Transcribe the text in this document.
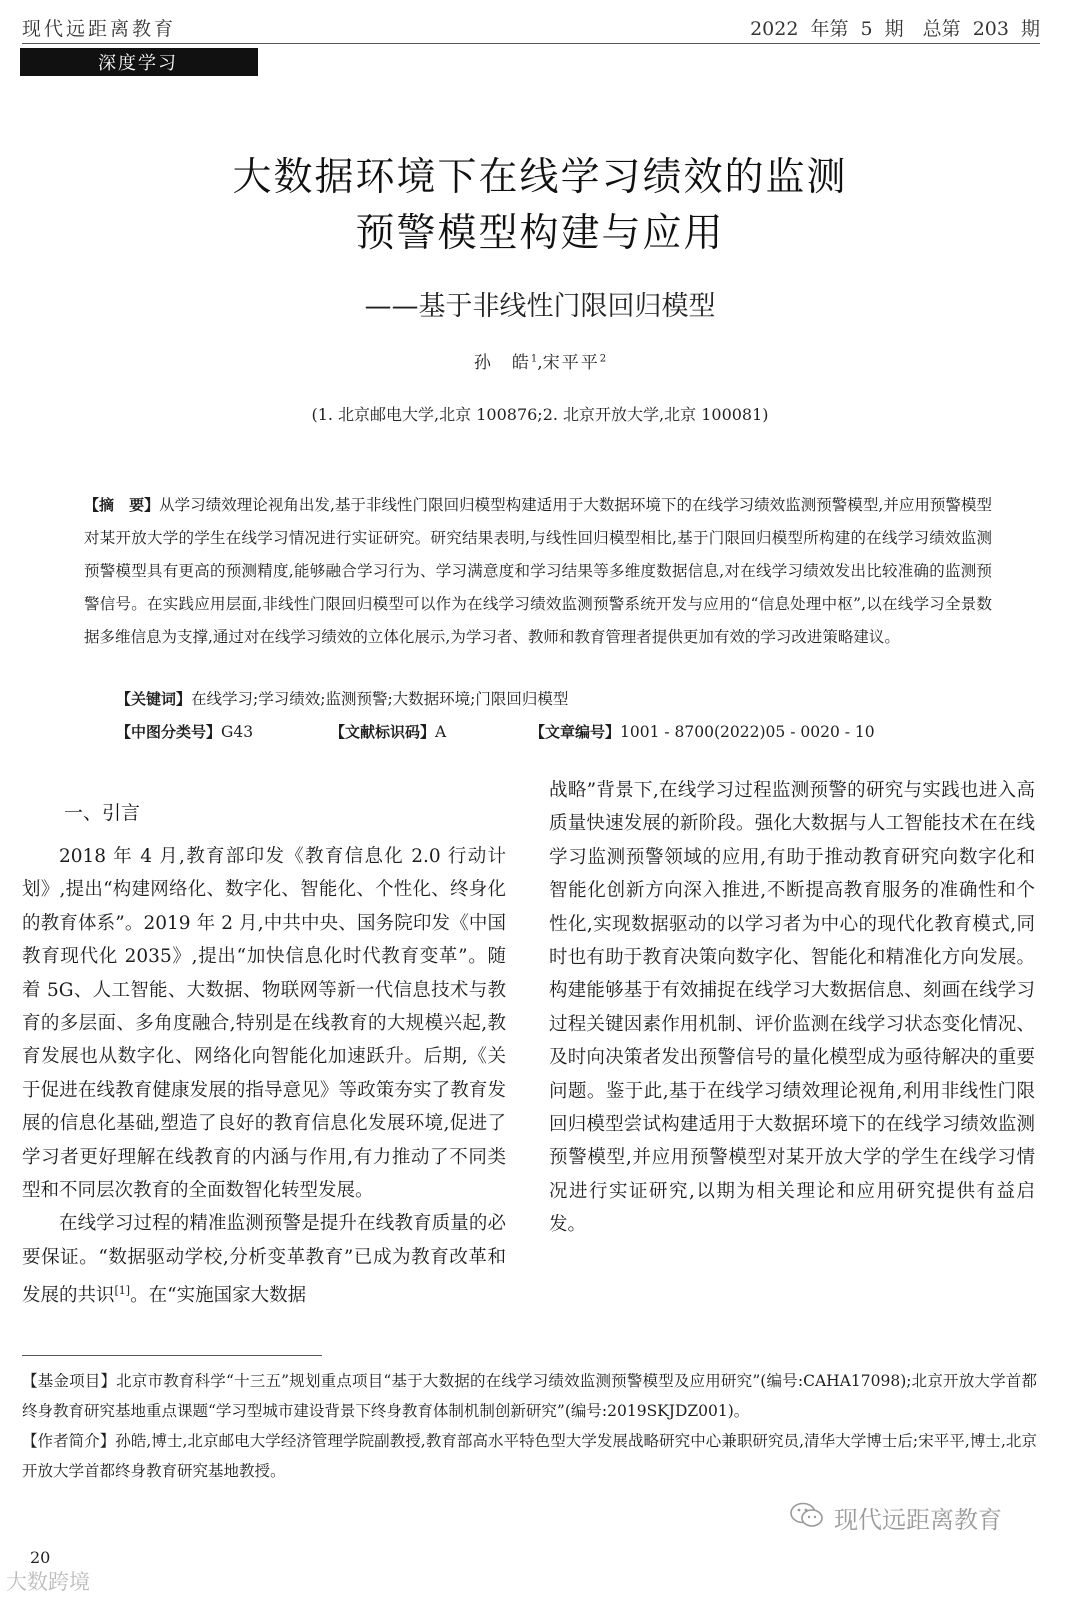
现代远距离教育	2022 年第 5 期　总第 203 期
深度学习
大数据环境下在线学习绩效的监测
预警模型构建与应用
——基于非线性门限回归模型
孙　皓$^1$,宋平平$^2$
(1. 北京邮电大学,北京 100876;2. 北京开放大学,北京 100081)
【摘　要】从学习绩效理论视角出发,基于非线性门限回归模型构建适用于大数据环境下的在线学习绩效监测预警模型,并应用预警模型对某开放大学的学生在线学习情况进行实证研究。研究结果表明,与线性回归模型相比,基于门限回归模型所构建的在线学习绩效监测预警模型具有更高的预测精度,能够融合学习行为、学习满意度和学习结果等多维度数据信息,对在线学习绩效发出比较准确的监测预警信号。在实践应用层面,非线性门限回归模型可以作为在线学习绩效监测预警系统开发与应用的“信息处理中枢”,以在线学习全景数据多维信息为支撑,通过对在线学习绩效的立体化展示,为学习者、教师和教育管理者提供更加有效的学习改进策略建议。
【关键词】在线学习;学习绩效;监测预警;大数据环境;门限回归模型
【中图分类号】G43	【文献标识码】A	【文章编号】1001 - 8700(2022)05 - 0020 - 10
一、引言

2018 年 4 月,教育部印发《教育信息化 2.0 行动计划》,提出“构建网络化、数字化、智能化、个性化、终身化的教育体系”。2019 年 2 月,中共中央、国务院印发《中国教育现代化 2035》,提出“加快信息化时代教育变革”。随着 5G、人工智能、大数据、物联网等新一代信息技术与教育的多层面、多角度融合,特别是在线教育的大规模兴起,教育发展也从数字化、网络化向智能化加速跃升。后期,《关于促进在线教育健康发展的指导意见》等政策夯实了教育发展的信息化基础,塑造了良好的教育信息化发展环境,促进了学习者更好理解在线教育的内涵与作用,有力推动了不同类型和不同层次教育的全面数智化转型发展。

在线学习过程的精准监测预警是提升在线教育质量的必要保证。“数据驱动学校,分析变革教育”已成为教育改革和发展的共识[1]。在“实施国家大数据

战略”背景下,在线学习过程监测预警的研究与实践也进入高质量快速发展的新阶段。强化大数据与人工智能技术在在线学习监测预警领域的应用,有助于推动教育研究向数字化和智能化创新方向深入推进,不断提高教育服务的准确性和个性化,实现数据驱动的以学习者为中心的现代化教育模式,同时也有助于教育决策向数字化、智能化和精准化方向发展。构建能够基于有效捕捉在线学习大数据信息、刻画在线学习过程关键因素作用机制、评价监测在线学习状态变化情况、及时向决策者发出预警信号的量化模型成为亟待解决的重要问题。鉴于此,基于在线学习绩效理论视角,利用非线性门限回归模型尝试构建适用于大数据环境下的在线学习绩效监测预警模型,并应用预警模型对某开放大学的学生在线学习情况进行实证研究,以期为相关理论和应用研究提供有益启发。

【基金项目】北京市教育科学“十三五”规划重点项目“基于大数据的在线学习绩效监测预警模型及应用研究”(编号:CAHA17098);北京开放大学首都终身教育研究基地重点课题“学习型城市建设背景下终身教育体制机制创新研究”(编号:2019SKJDZ001)。

【作者简介】孙皓,博士,北京邮电大学经济管理学院副教授,教育部高水平特色型大学发展战略研究中心兼职研究员,清华大学博士后;宋平平,博士,北京开放大学首都终身教育研究基地教授。

20
现代远距离教育
大数跨境
